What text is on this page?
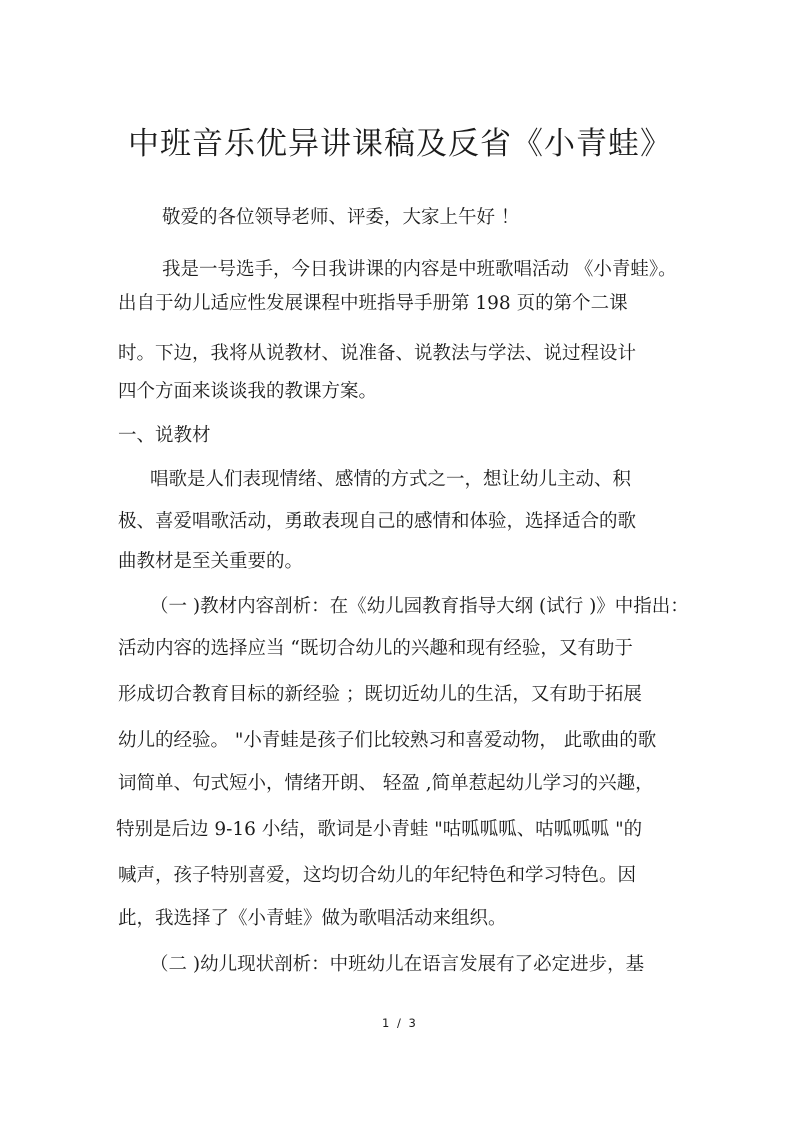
中班音乐优异讲课稿及反省《小青蛙》
敬爱的各位领导老师、评委，大家上午好 ！
我是一号选手，今日我讲课的内容是中班歌唱活动 《小青蛙》。
出自于幼儿适应性发展课程中班指导手册第 198 页的第个二课
时。下边，我将从说教材、说准备、说教法与学法、说过程设计
四个方面来谈谈我的教课方案。
一、说教材
唱歌是人们表现情绪、感情的方式之一，想让幼儿主动、积
极、喜爱唱歌活动，勇敢表现自己的感情和体验，选择适合的歌
曲教材是至关重要的。
（一 )教材内容剖析：在《幼儿园教育指导大纲 (试行 )》中指出：
活动内容的选择应当 “既切合幼儿的兴趣和现有经验，又有助于
形成切合教育目标的新经验 ；既切近幼儿的生活，又有助于拓展
幼儿的经验。 "小青蛙是孩子们比较熟习和喜爱动物， 此歌曲的歌
词简单、句式短小，情绪开朗、 轻盈 ,简单惹起幼儿学习的兴趣，
特别是后边 9-16 小结，歌词是小青蛙 "咕呱呱呱、咕呱呱呱 "的
喊声，孩子特别喜爱，这均切合幼儿的年纪特色和学习特色。因
此，我选择了《小青蛙》做为歌唱活动来组织。
（二 )幼儿现状剖析：中班幼儿在语言发展有了必定进步，基
1 / 3
